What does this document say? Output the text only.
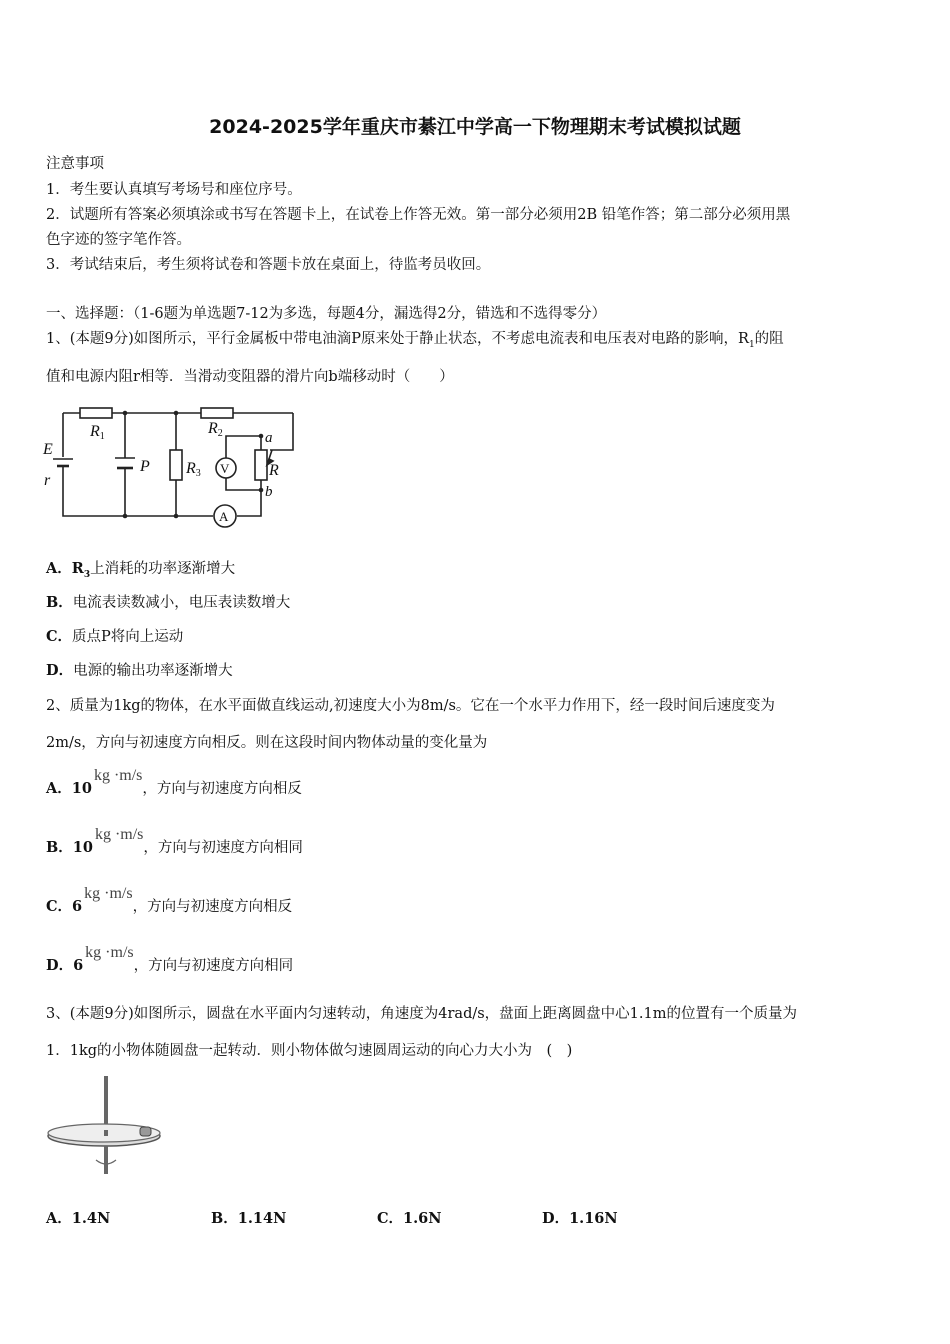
2024-2025学年重庆市綦江中学高一下物理期末考试模拟试题
注意事项
1．考生要认真填写考场号和座位序号。
2．试题所有答案必须填涂或书写在答题卡上，在试卷上作答无效。第一部分必须用2B 铅笔作答；第二部分必须用黑
色字迹的签字笔作答。
3．考试结束后，考生须将试卷和答题卡放在桌面上，待监考员收回。
一、选择题：（1-6题为单选题7-12为多选，每题4分，漏选得2分，错选和不选得零分）
1、(本题9分)如图所示，平行金属板中带电油滴P原来处于静止状态，不考虑电流表和电压表对电路的影响，$R_1$的阻
值和电源内阻r相等．当滑动变阻器的滑片向b端移动时（　　）
E
r
R1	R2
R3
P	R
a
b
V
A
A．$R_3$上消耗的功率逐渐增大
B．电流表读数减小，电压表读数增大
C．质点P将向上运动
D．电源的输出功率逐渐增大
2、质量为1kg的物体，在水平面做直线运动,初速度大小为8m/s。它在一个水平力作用下，经一段时间后速度变为
2m/s，方向与初速度方向相反。则在这段时间内物体动量的变化量为
A．10kg ·m/s，方向与初速度方向相反
B．10kg ·m/s，方向与初速度方向相同
C．6kg ·m/s，方向与初速度方向相反
D．6kg ·m/s，方向与初速度方向相同
3、(本题9分)如图所示，圆盘在水平面内匀速转动，角速度为4rad/s，盘面上距离圆盘中心1.1m的位置有一个质量为
1．1kg的小物体随圆盘一起转动．则小物体做匀速圆周运动的向心力大小为　(　)
A．1.4N	B．1.14N	C．1.6N	D．1.16N
